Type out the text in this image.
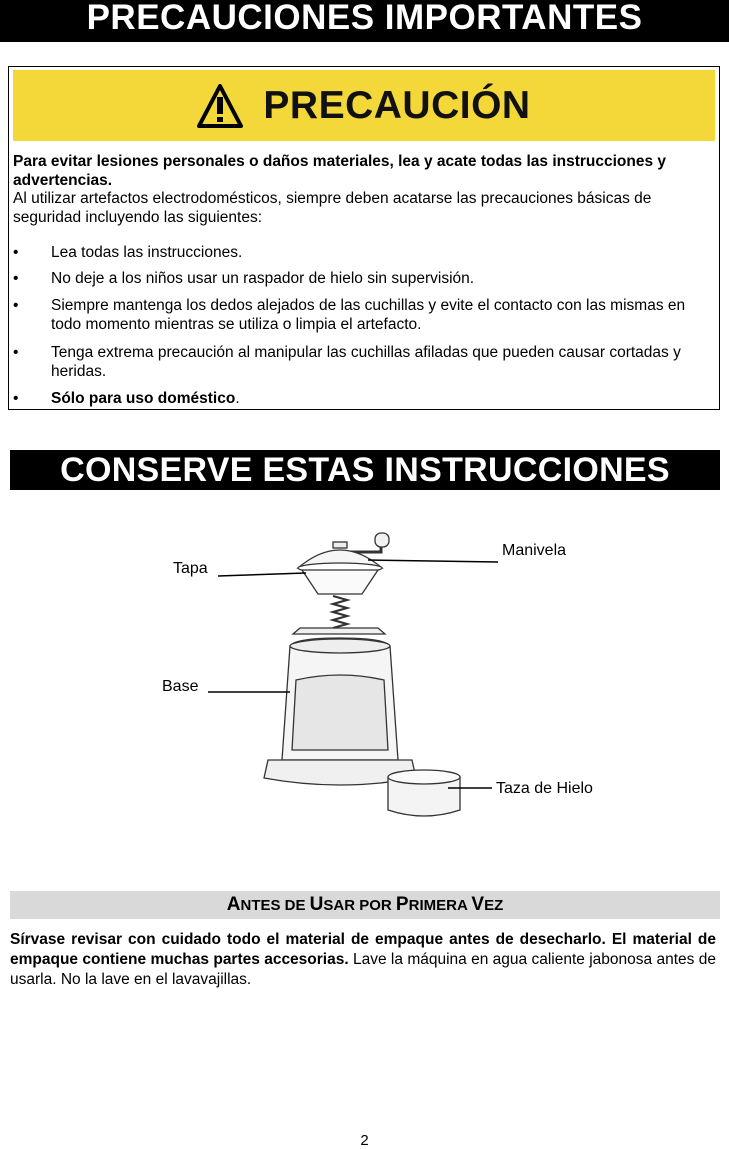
PRECAUCIONES IMPORTANTES
PRECAUCIÓN
Para evitar lesiones personales o daños materiales, lea y acate todas las instrucciones y advertencias.
Al utilizar artefactos electrodomésticos, siempre deben acatarse las precauciones básicas de seguridad incluyendo las siguientes:
• Lea todas las instrucciones.
• No deje a los niños usar un raspador de hielo sin supervisión.
• Siempre mantenga los dedos alejados de las cuchillas y evite el contacto con las mismas en todo momento mientras se utiliza o limpia el artefacto.
• Tenga extrema precaución al manipular las cuchillas afiladas que pueden causar cortadas y heridas.
• Sólo para uso doméstico.
CONSERVE ESTAS INSTRUCCIONES
Tapa
Manivela
Base
Taza de Hielo
ANTES DE USAR POR PRIMERA VEZ
Sírvase revisar con cuidado todo el material de empaque antes de desecharlo. El material de empaque contiene muchas partes accesorias. Lave la máquina en agua caliente jabonosa antes de usarla. No la lave en el lavavajillas.
2
